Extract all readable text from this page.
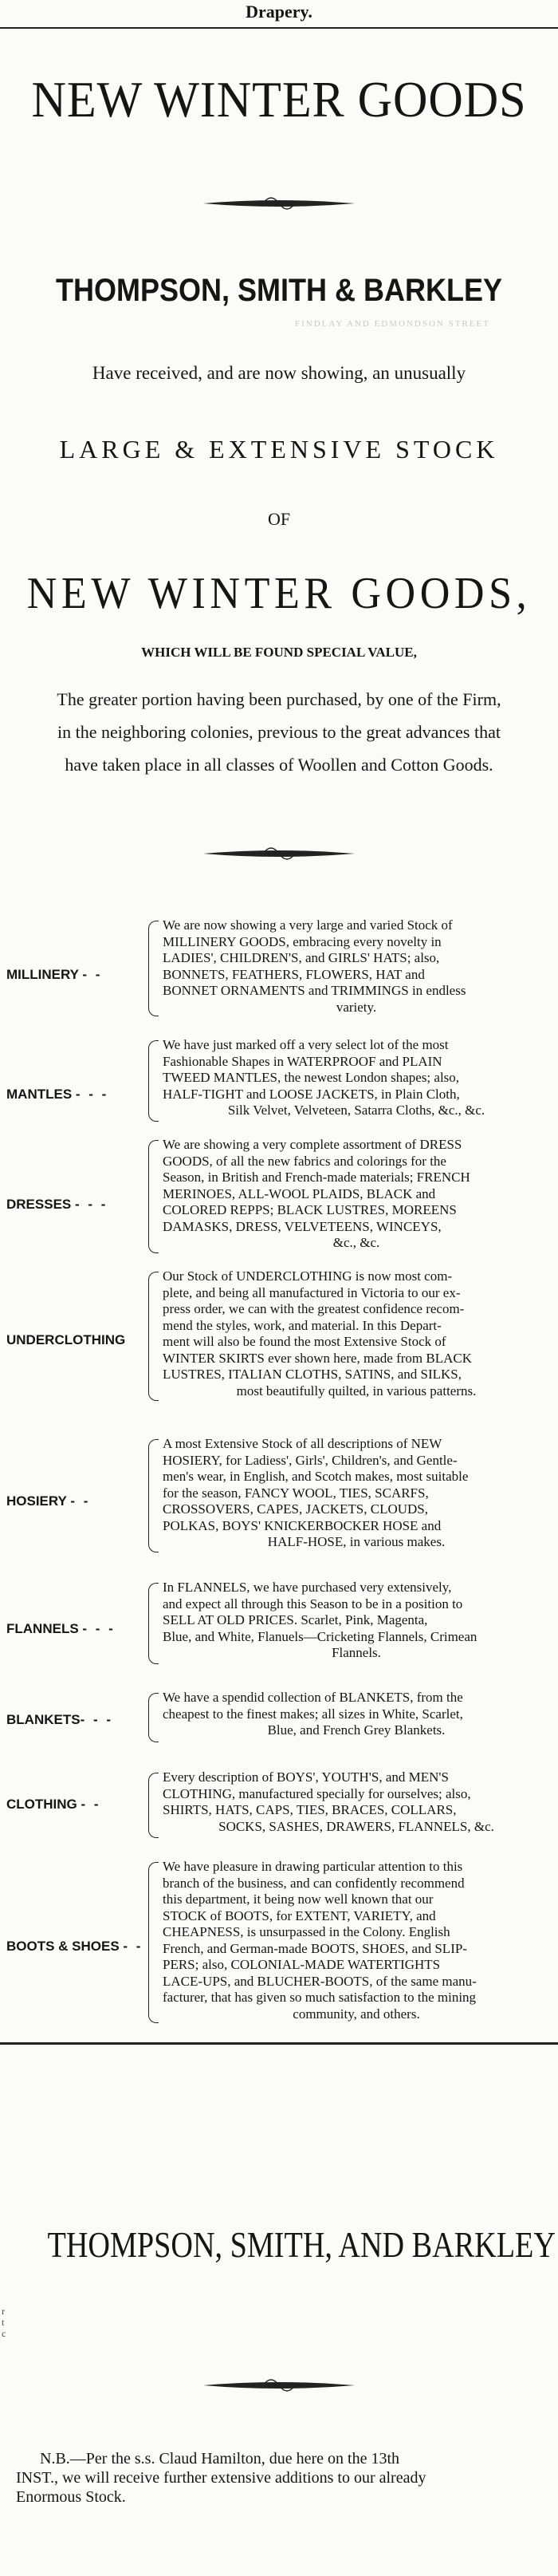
Drapery.
NEW WINTER GOODS
THOMPSON, SMITH & BARKLEY
FINDLAY AND EDMONDSON STREET
Have received, and are now showing, an unusually
LARGE & EXTENSIVE STOCK
OF
NEW WINTER GOODS,
WHICH WILL BE FOUND SPECIAL VALUE,
The greater portion having been purchased, by one of the Firm,
in the neighboring colonies, previous to the great advances that
have taken place in all classes of Woollen and Cotton Goods.
MILLINERY - -
We are now showing a very large and varied Stock of
MILLINERY GOODS, embracing every novelty in
LADIES', CHILDREN'S, and GIRLS' HATS; also,
BONNETS, FEATHERS, FLOWERS, HAT and
BONNET ORNAMENTS and TRIMMINGS in endless
variety.
MANTLES - - -
We have just marked off a very select lot of the most
Fashionable Shapes in WATERPROOF and PLAIN
TWEED MANTLES, the newest London shapes; also,
HALF-TIGHT and LOOSE JACKETS, in Plain Cloth,
Silk Velvet, Velveteen, Satarra Cloths, &c., &c.
DRESSES - - -
We are showing a very complete assortment of DRESS
GOODS, of all the new fabrics and colorings for the
Season, in British and French-made materials; FRENCH
MERINOES, ALL-WOOL PLAIDS, BLACK and
COLORED REPPS; BLACK LUSTRES, MOREENS
DAMASKS, DRESS, VELVETEENS, WINCEYS,
&c., &c.
UNDERCLOTHING
Our Stock of UNDERCLOTHING is now most com-
plete, and being all manufactured in Victoria to our ex-
press order, we can with the greatest confidence recom-
mend the styles, work, and material. In this Depart-
ment will also be found the most Extensive Stock of
WINTER SKIRTS ever shown here, made from BLACK
LUSTRES, ITALIAN CLOTHS, SATINS, and SILKS,
most beautifully quilted, in various patterns.
HOSIERY - -
A most Extensive Stock of all descriptions of NEW
HOSIERY, for Ladiess', Girls', Children's, and Gentle-
men's wear, in English, and Scotch makes, most suitable
for the season, FANCY WOOL, TIES, SCARFS,
CROSSOVERS, CAPES, JACKETS, CLOUDS,
POLKAS, BOYS' KNICKERBOCKER HOSE and
HALF-HOSE, in various makes.
FLANNELS - - -
In FLANNELS, we have purchased very extensively,
and expect all through this Season to be in a position to
SELL AT OLD PRICES. Scarlet, Pink, Magenta,
Blue, and White, Flanuels—Cricketing Flannels, Crimean
Flannels.
BLANKETS- - -
We have a spendid collection of BLANKETS, from the
cheapest to the finest makes; all sizes in White, Scarlet,
Blue, and French Grey Blankets.
CLOTHING - -
Every description of BOYS', YOUTH'S, and MEN'S
CLOTHING, manufactured specially for ourselves; also,
SHIRTS, HATS, CAPS, TIES, BRACES, COLLARS,
SOCKS, SASHES, DRAWERS, FLANNELS, &c.
BOOTS & SHOES - -
We have pleasure in drawing particular attention to this
branch of the business, and can confidently recommend
this department, it being now well known that our
STOCK of BOOTS, for EXTENT, VARIETY, and
CHEAPNESS, is unsurpassed in the Colony. English
French, and German-made BOOTS, SHOES, and SLIP-
PERS; also, COLONIAL-MADE WATERTIGHTS
LACE-UPS, and BLUCHER-BOOTS, of the same manu-
facturer, that has given so much satisfaction to the mining
community, and others.
THOMPSON, SMITH, AND BARKLEY
r
t
c
N.B.—Per the s.s. Claud Hamilton, due here on the 13th
INST., we will receive further extensive additions to our already
Enormous Stock.
